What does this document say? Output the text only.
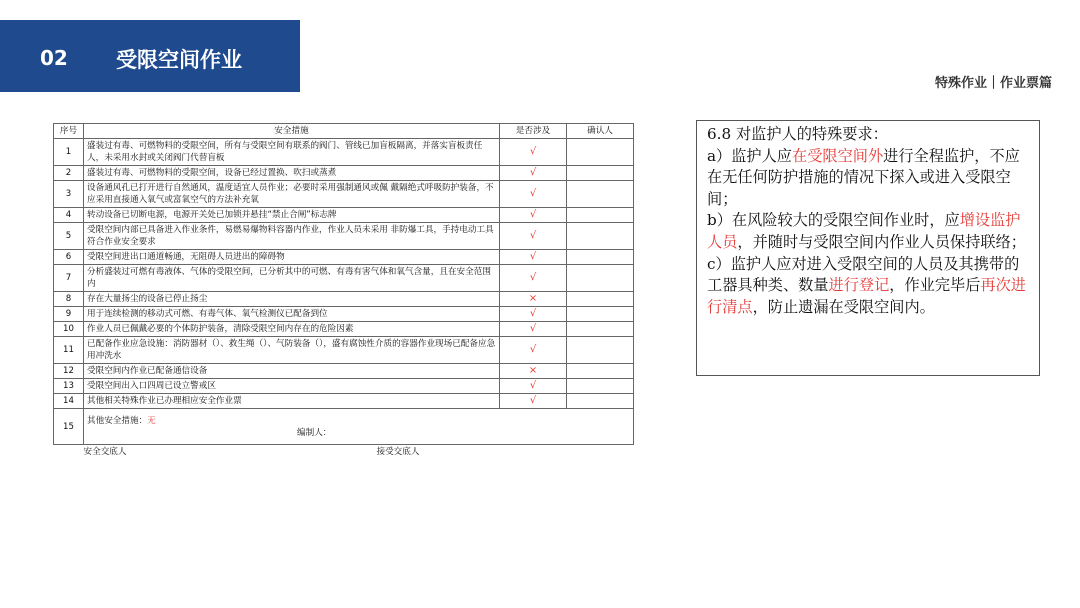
02 受限空间作业
特殊作业｜作业票篇
序号	安全措施	是否涉及	确认人
1	盛装过有毒、可燃物料的受限空间，所有与受限空间有联系的阀门、管线已加盲板隔离，并落实盲板责任人，未采用水封或关闭阀门代替盲板	√	
2	盛装过有毒、可燃物料的受限空间，设备已经过置换、吹扫或蒸煮	√	
3	设备通风孔已打开进行自然通风，温度适宜人员作业；必要时采用强制通风或佩 戴隔绝式呼吸防护装备，不应采用直接通入氧气或富氧空气的方法补充氧	√	
4	转动设备已切断电源，电源开关处已加锁并悬挂“禁止合闸”标志牌	√	
5	受限空间内部已具备进入作业条件，易燃易爆物料容器内作业，作业人员未采用 非防爆工具，手持电动工具符合作业安全要求	√	
6	受限空间进出口通道畅通，无阻碍人员进出的障碍物	√	
7	分析盛装过可燃有毒液体、气体的受限空间，已分析其中的可燃、有毒有害气体和氧气含量，且在安全范围内	√	
8	存在大量扬尘的设备已停止扬尘	×	
9	用于连续检测的移动式可燃、有毒气体、氧气检测仪已配备到位	√	
10	作业人员已佩戴必要的个体防护装备，清除受限空间内存在的危险因素	√	
11	已配备作业应急设施：消防器材（）、救生绳（）、气防装备（），盛有腐蚀性介质的容器作业现场已配备应急用冲洗水	√	
12	受限空间内作业已配备通信设备	×	
13	受限空间出入口四周已设立警戒区	√	
14	其他相关特殊作业已办理相应安全作业票	√	
15	其他安全措施：无
编制人：		

安全交底人 接受交底人			

6.8 对监护人的特殊要求：

a）监护人应在受限空间外进行全程监护，不应在无任何防护措施的情况下探入或进入受限空间；

b）在风险较大的受限空间作业时，应增设监护人员，并随时与受限空间内作业人员保持联络；

c）监护人应对进入受限空间的人员及其携带的工器具种类、数量进行登记，作业完毕后再次进行清点，防止遗漏在受限空间内。
